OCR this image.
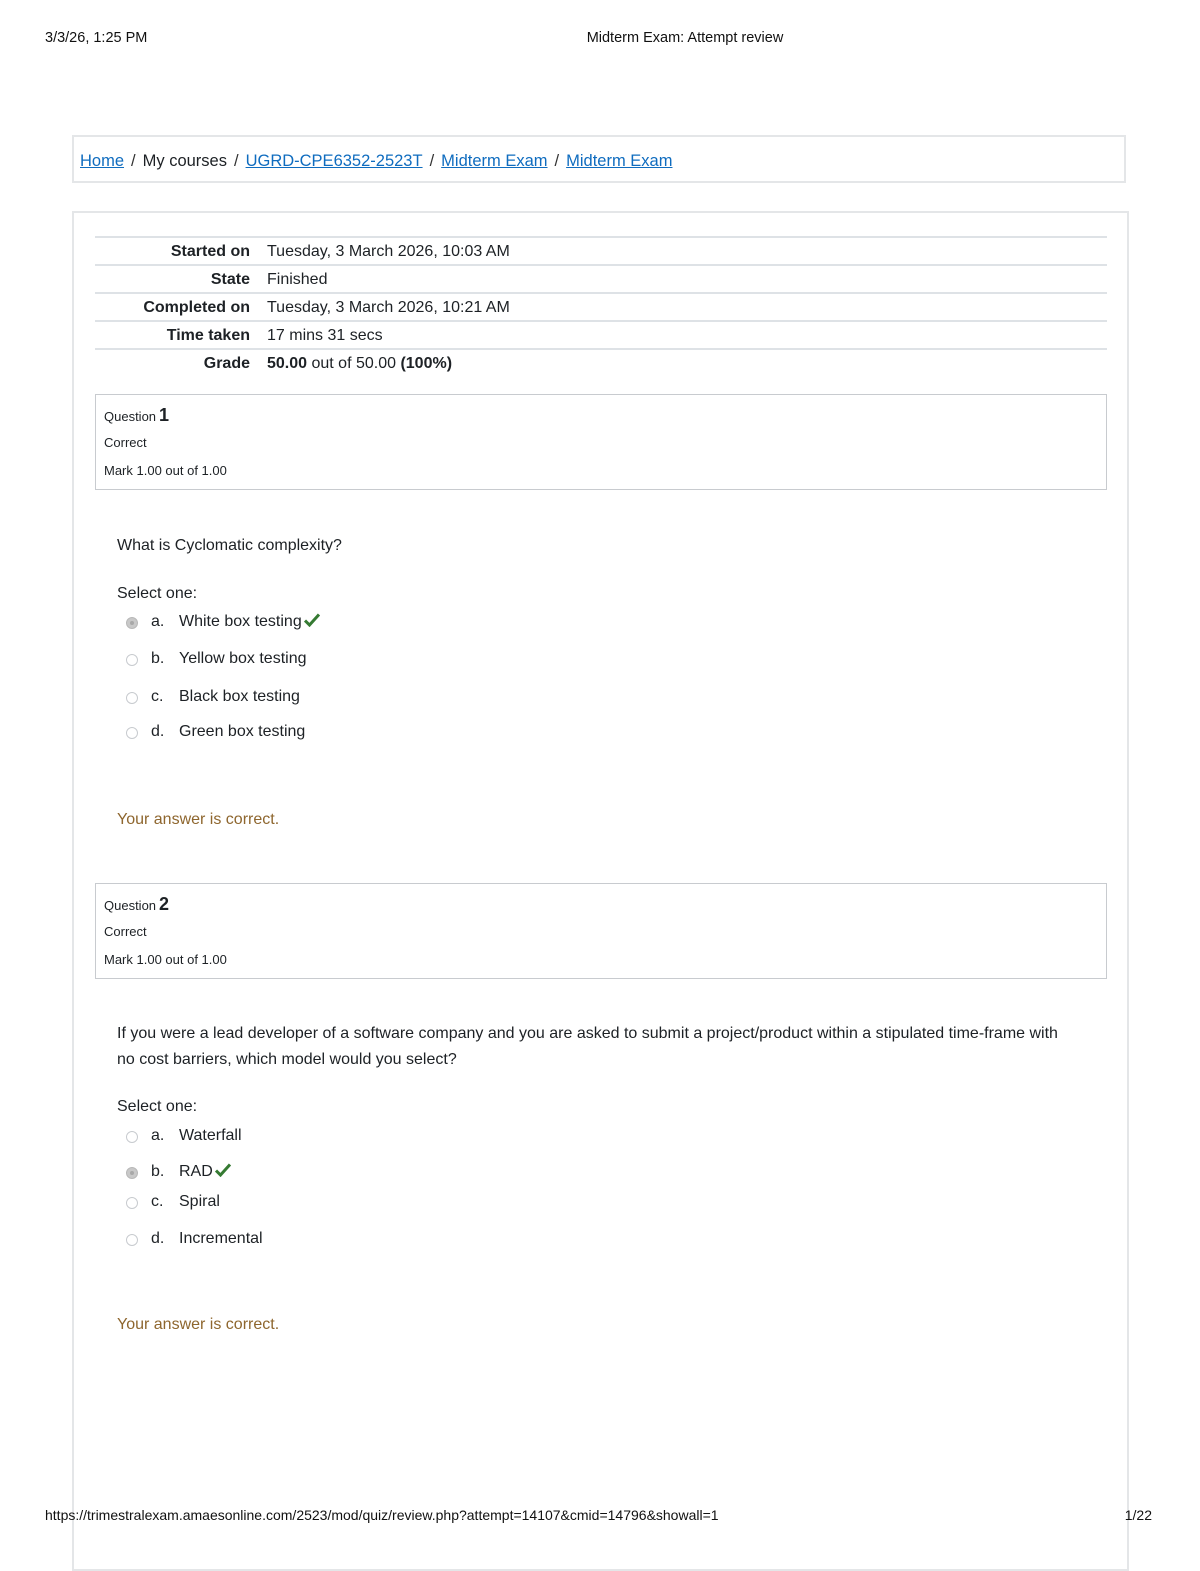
3/3/26, 1:25 PM	Midterm Exam: Attempt review
Home / My courses / UGRD-CPE6352-2523T / Midterm Exam / Midterm Exam
Started on Tuesday, 3 March 2026, 10:03 AM
State Finished
Completed on Tuesday, 3 March 2026, 10:21 AM
Time taken 17 mins 31 secs
Grade 50.00 out of 50.00 (100%)
Question 1
Correct
Mark 1.00 out of 1.00
What is Cyclomatic complexity?
Select one:
a. White box testing
b. Yellow box testing
c. Black box testing
d. Green box testing
Your answer is correct.
Question 2
Correct
Mark 1.00 out of 1.00
If you were a lead developer of a software company and you are asked to submit a project/product within a stipulated time-frame with no cost barriers, which model would you select?
Select one:
a. Waterfall
b. RAD
c. Spiral
d. Incremental
Your answer is correct.
https://trimestralexam.amaesonline.com/2523/mod/quiz/review.php?attempt=14107&cmid=14796&showall=1	1/22
